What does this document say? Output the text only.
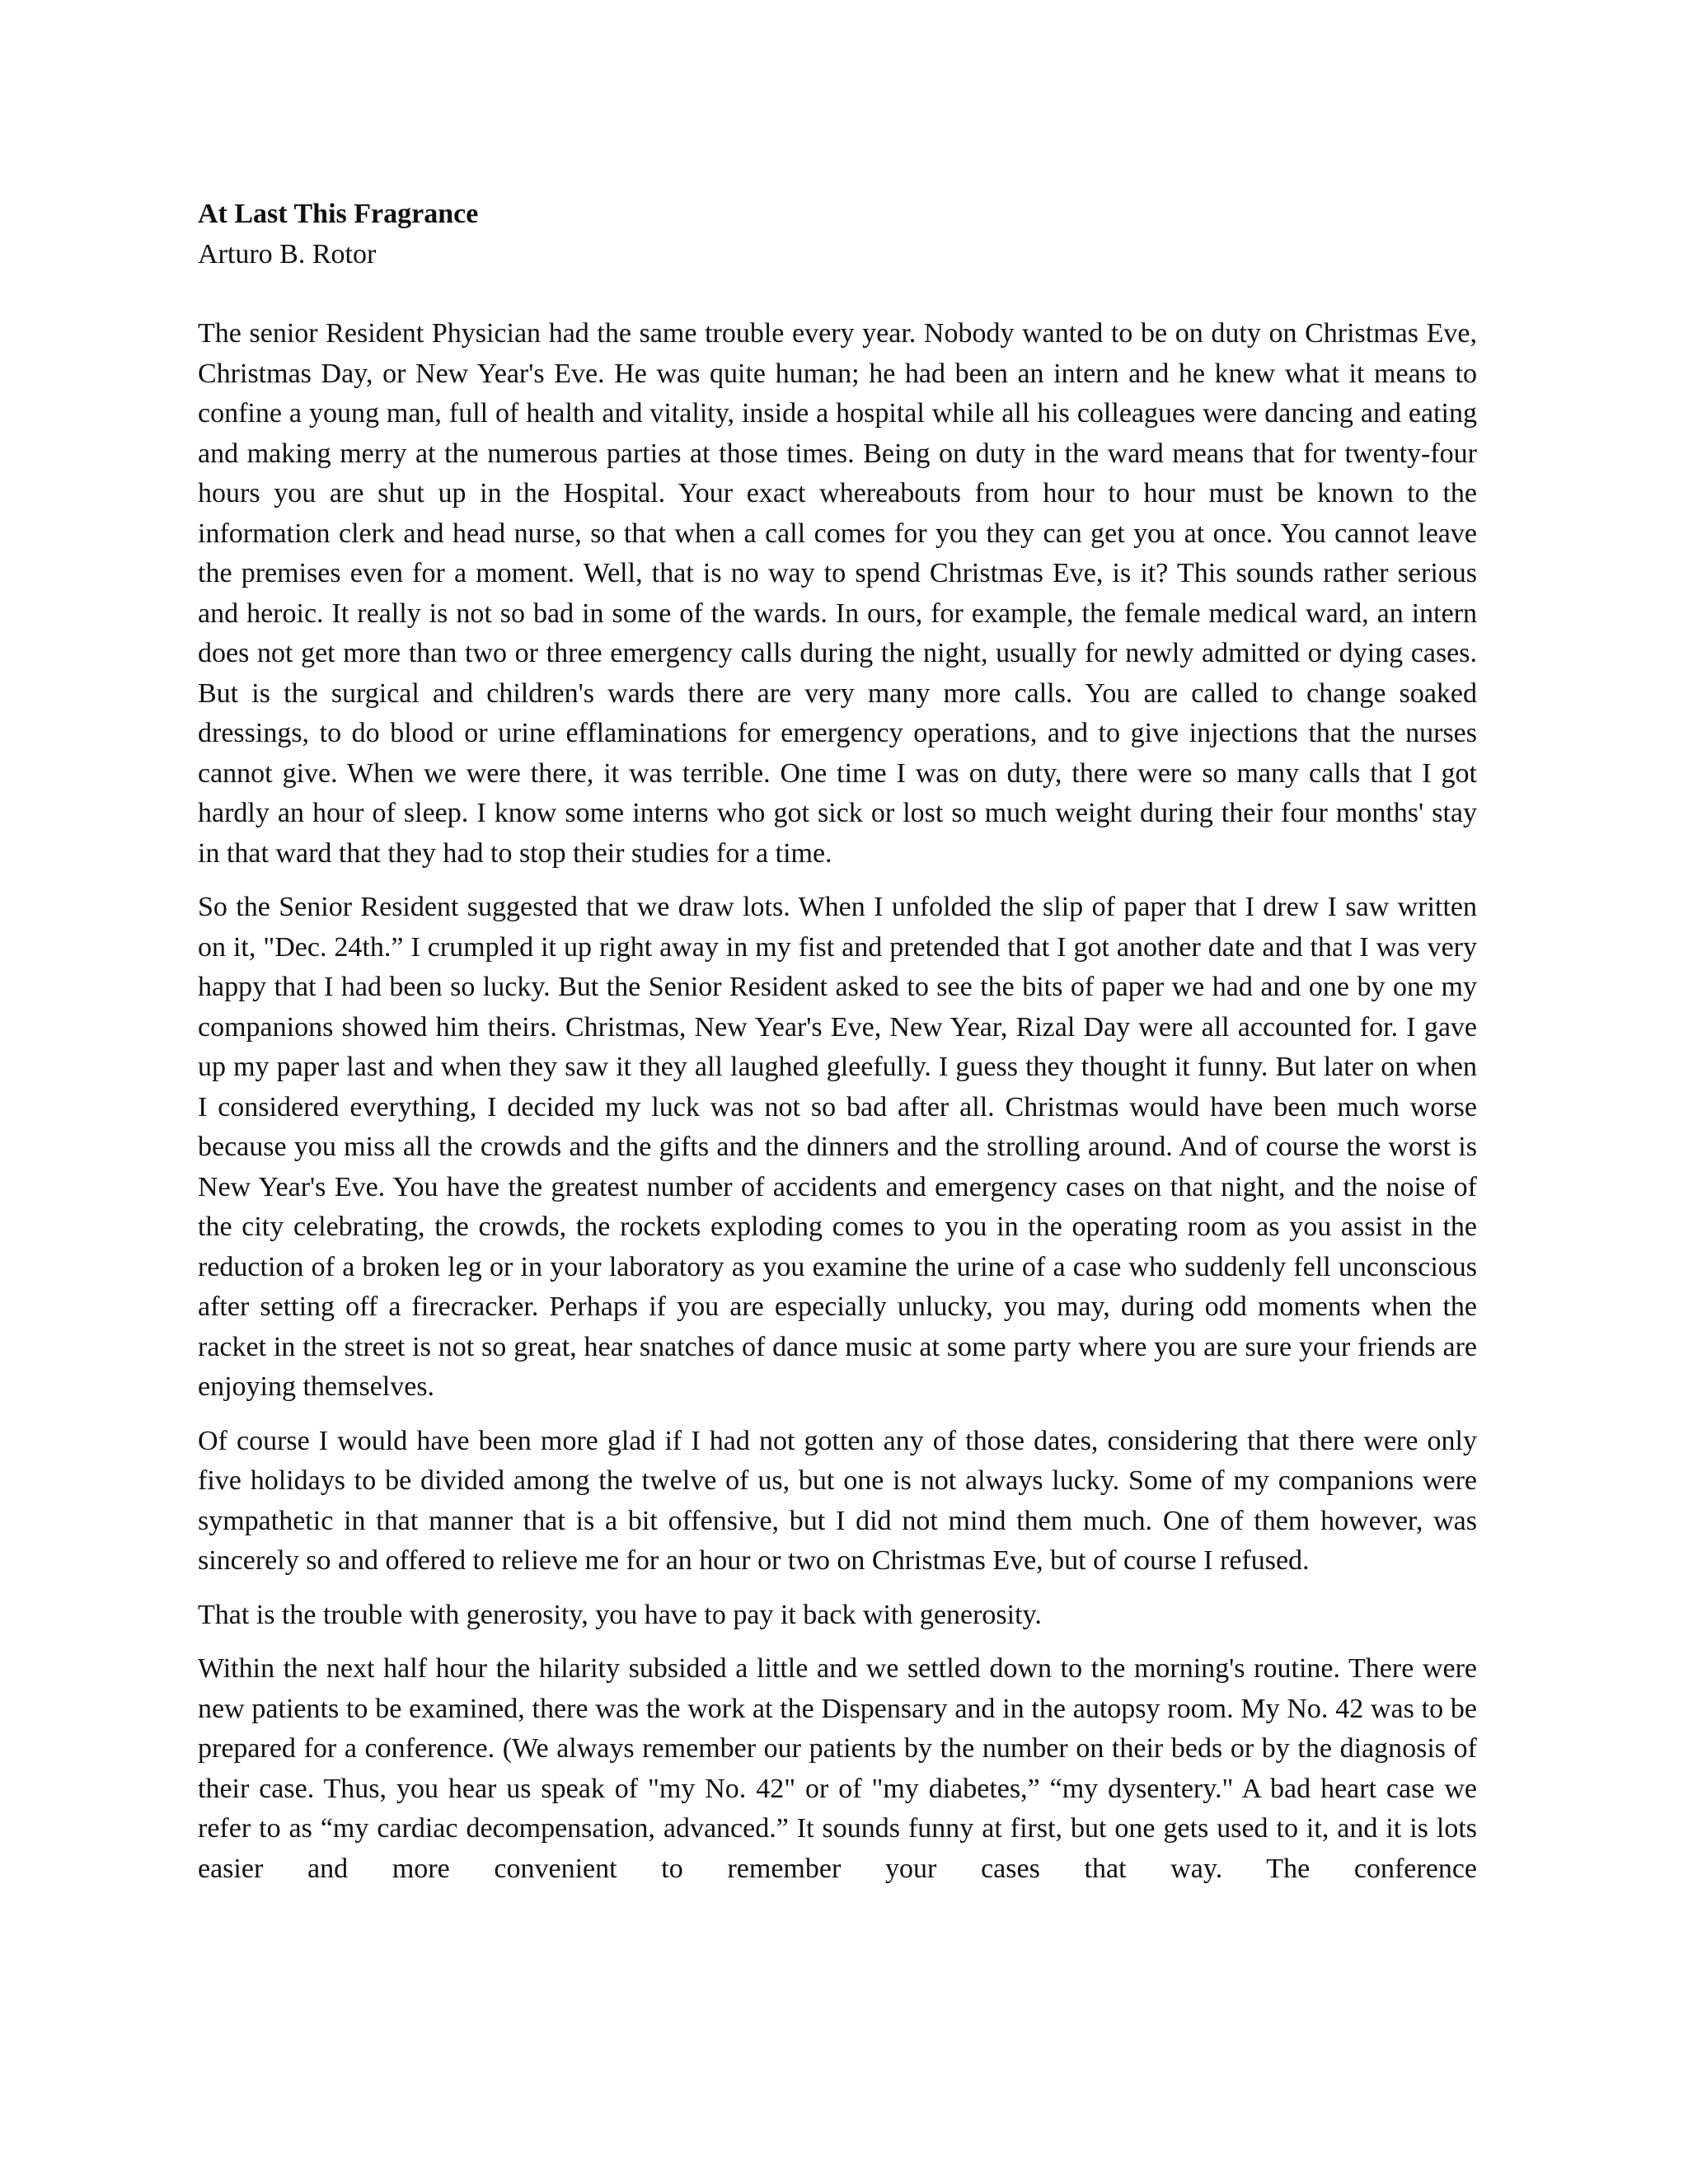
At Last This Fragrance
Arturo B. Rotor

The senior Resident Physician had the same trouble every year. Nobody wanted to be on duty on Christmas Eve, Christmas Day, or New Year's Eve. He was quite human; he had been an intern and he knew what it means to confine a young man, full of health and vitality, inside a hospital while all his colleagues were dancing and eating and making merry at the numerous parties at those times. Being on duty in the ward means that for twenty-four hours you are shut up in the Hospital. Your exact whereabouts from hour to hour must be known to the information clerk and head nurse, so that when a call comes for you they can get you at once. You cannot leave the premises even for a moment. Well, that is no way to spend Christmas Eve, is it? This sounds rather serious and heroic. It really is not so bad in some of the wards. In ours, for example, the female medical ward, an intern does not get more than two or three emergency calls during the night, usually for newly admitted or dying cases. But is the surgical and children's wards there are very many more calls. You are called to change soaked dressings, to do blood or urine efflaminations for emergency operations, and to give injections that the nurses cannot give. When we were there, it was terrible. One time I was on duty, there were so many calls that I got hardly an hour of sleep. I know some interns who got sick or lost so much weight during their four months' stay in that ward that they had to stop their studies for a time.

So the Senior Resident suggested that we draw lots. When I unfolded the slip of paper that I drew I saw written on it, "Dec. 24th.” I crumpled it up right away in my fist and pretended that I got another date and that I was very happy that I had been so lucky. But the Senior Resident asked to see the bits of paper we had and one by one my companions showed him theirs. Christmas, New Year's Eve, New Year, Rizal Day were all accounted for. I gave up my paper last and when they saw it they all laughed gleefully. I guess they thought it funny. But later on when I considered everything, I decided my luck was not so bad after all. Christmas would have been much worse because you miss all the crowds and the gifts and the dinners and the strolling around. And of course the worst is New Year's Eve. You have the greatest number of accidents and emergency cases on that night, and the noise of the city celebrating, the crowds, the rockets exploding comes to you in the operating room as you assist in the reduction of a broken leg or in your laboratory as you examine the urine of a case who suddenly fell unconscious after setting off a firecracker. Perhaps if you are especially unlucky, you may, during odd moments when the racket in the street is not so great, hear snatches of dance music at some party where you are sure your friends are enjoying themselves.

Of course I would have been more glad if I had not gotten any of those dates, considering that there were only five holidays to be divided among the twelve of us, but one is not always lucky. Some of my companions were sympathetic in that manner that is a bit offensive, but I did not mind them much. One of them however, was sincerely so and offered to relieve me for an hour or two on Christmas Eve, but of course I refused.

That is the trouble with generosity, you have to pay it back with generosity.

Within the next half hour the hilarity subsided a little and we settled down to the morning's routine. There were new patients to be examined, there was the work at the Dispensary and in the autopsy room. My No. 42 was to be prepared for a conference. (We always remember our patients by the number on their beds or by the diagnosis of their case. Thus, you hear us speak of "my No. 42" or of "my diabetes,” “my dysentery." A bad heart case we refer to as “my cardiac decompensation, advanced.” It sounds funny at first, but one gets used to it, and it is lots easier and more convenient to remember your cases that way. The conference
